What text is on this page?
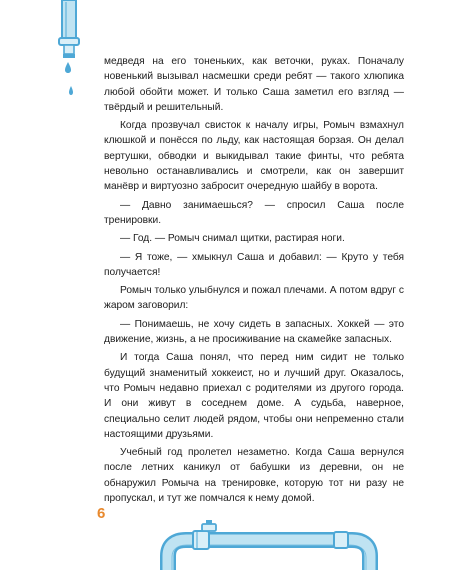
медведя на его тоненьких, как веточки, руках. Поначалу новенький вызывал насмешки среди ребят — такого хлюпика любой обойти может. И только Саша заметил его взгляд — твёрдый и решительный.

Когда прозвучал свисток к началу игры, Ромыч взмахнул клюшкой и понёсся по льду, как настоящая борзая. Он делал вертушки, обводки и выкидывал такие финты, что ребята невольно останавливались и смотрели, как он завершит манёвр и виртуозно забросит очередную шайбу в ворота.

— Давно занимаешься? — спросил Саша после тренировки.

— Год. — Ромыч снимал щитки, растирая ноги.

— Я тоже, — хмыкнул Саша и добавил: — Круто у тебя получается!

Ромыч только улыбнулся и пожал плечами. А потом вдруг с жаром заговорил:

— Понимаешь, не хочу сидеть в запасных. Хоккей — это движение, жизнь, а не просиживание на скамейке запасных.

И тогда Саша понял, что перед ним сидит не только будущий знаменитый хоккеист, но и лучший друг. Оказалось, что Ромыч недавно приехал с родителями из другого города. И они живут в соседнем доме. А судьба, наверное, специально селит людей рядом, чтобы они непременно стали настоящими друзьями.

Учебный год пролетел незаметно. Когда Саша вернулся после летних каникул от бабушки из деревни, он не обнаружил Ромыча на тренировке, которую тот ни разу не пропускал, и тут же помчался к нему домой.

6
